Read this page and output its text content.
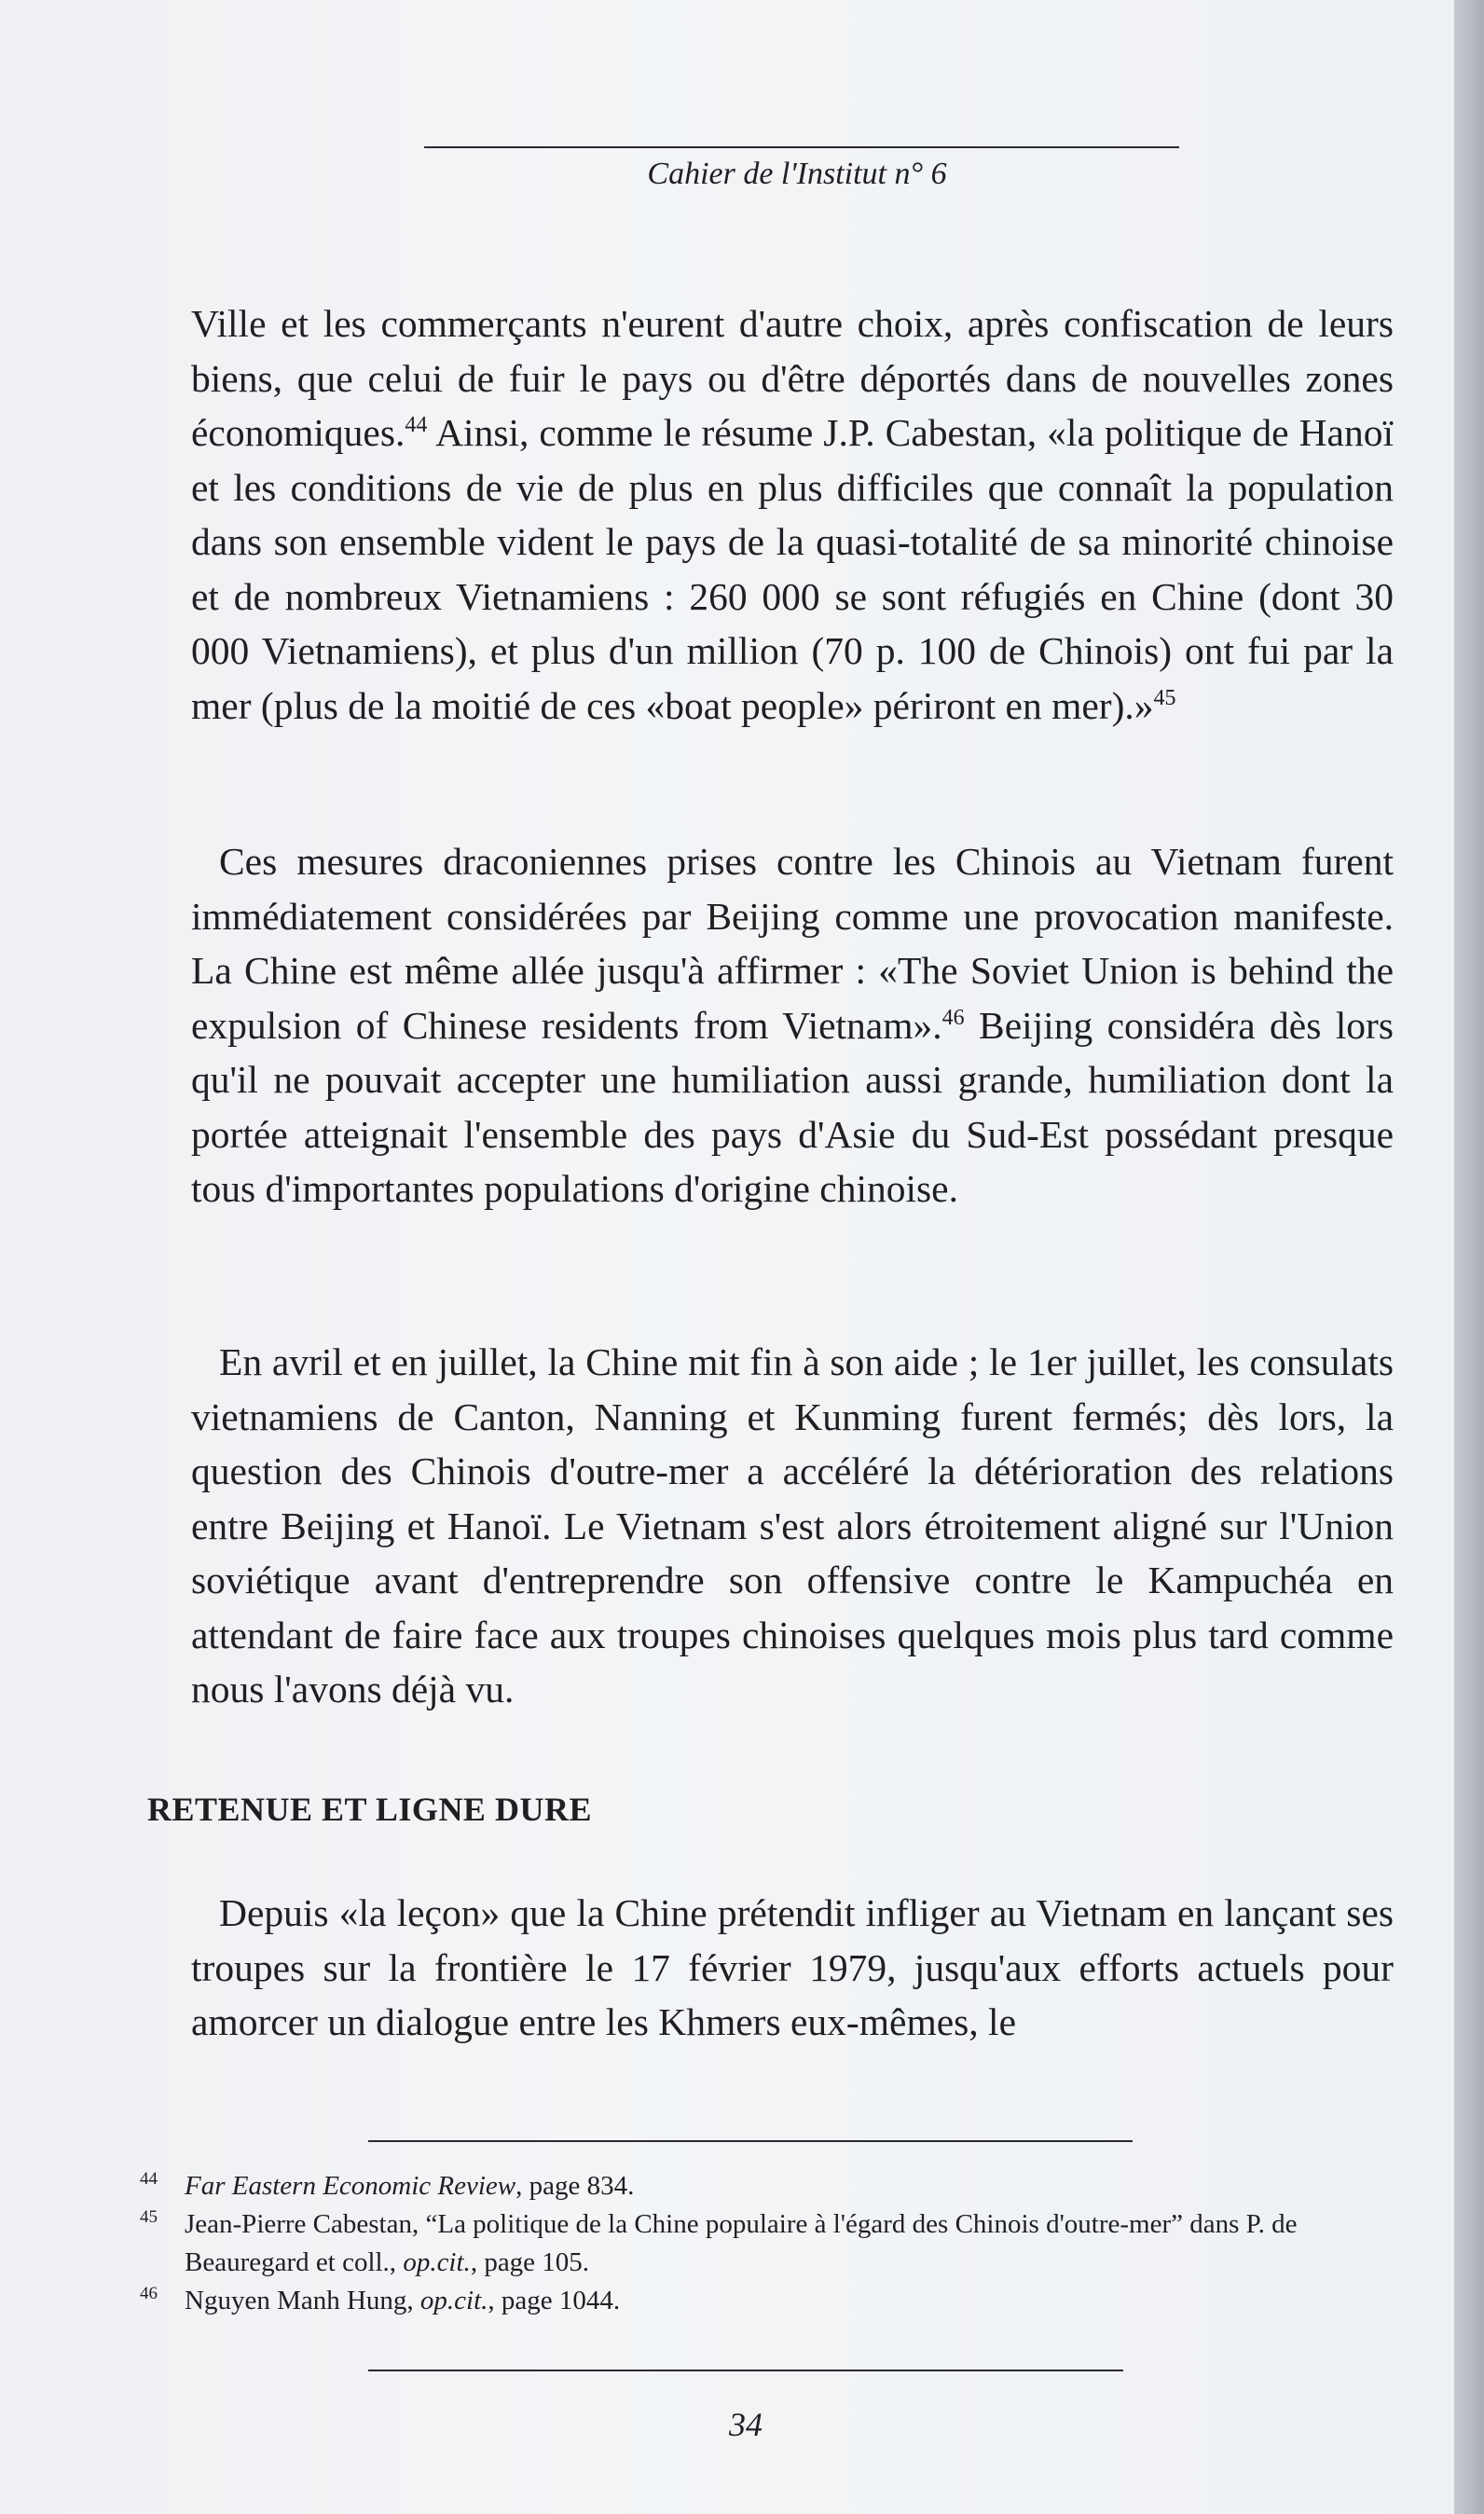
Cahier de l'Institut n° 6

Ville et les commerçants n'eurent d'autre choix, après confiscation de leurs biens, que celui de fuir le pays ou d'être déportés dans de nouvelles zones économiques.$^{44}$ Ainsi, comme le résume J.P. Cabestan, «la politique de Hanoï et les conditions de vie de plus en plus difficiles que connaît la population dans son ensemble vident le pays de la quasi-totalité de sa minorité chinoise et de nombreux Vietnamiens : 260 000 se sont réfugiés en Chine (dont 30 000 Vietnamiens), et plus d'un million (70 p. 100 de Chinois) ont fui par la mer (plus de la moitié de ces «boat people» périront en mer).»$^{45}$

Ces mesures draconiennes prises contre les Chinois au Vietnam furent immédiatement considérées par Beijing comme une provocation manifeste. La Chine est même allée jusqu'à affirmer : «The Soviet Union is behind the expulsion of Chinese residents from Vietnam».$^{46}$ Beijing considéra dès lors qu'il ne pouvait accepter une humiliation aussi grande, humiliation dont la portée atteignait l'ensemble des pays d'Asie du Sud-Est possédant presque tous d'importantes populations d'origine chinoise.

En avril et en juillet, la Chine mit fin à son aide ; le 1er juillet, les consulats vietnamiens de Canton, Nanning et Kunming furent fermés; dès lors, la question des Chinois d'outre-mer a accéléré la détérioration des relations entre Beijing et Hanoï. Le Vietnam s'est alors étroitement aligné sur l'Union soviétique avant d'entreprendre son offensive contre le Kampuchéa en attendant de faire face aux troupes chinoises quelques mois plus tard comme nous l'avons déjà vu.

RETENUE ET LIGNE DURE

Depuis «la leçon» que la Chine prétendit infliger au Vietnam en lançant ses troupes sur la frontière le 17 février 1979, jusqu'aux efforts actuels pour amorcer un dialogue entre les Khmers eux-mêmes, le

44 Far Eastern Economic Review, page 834.
45 Jean-Pierre Cabestan, “La politique de la Chine populaire à l'égard des Chinois d'outre-mer” dans P. de Beauregard et coll., op.cit., page 105.
46 Nguyen Manh Hung, op.cit., page 1044.
34
